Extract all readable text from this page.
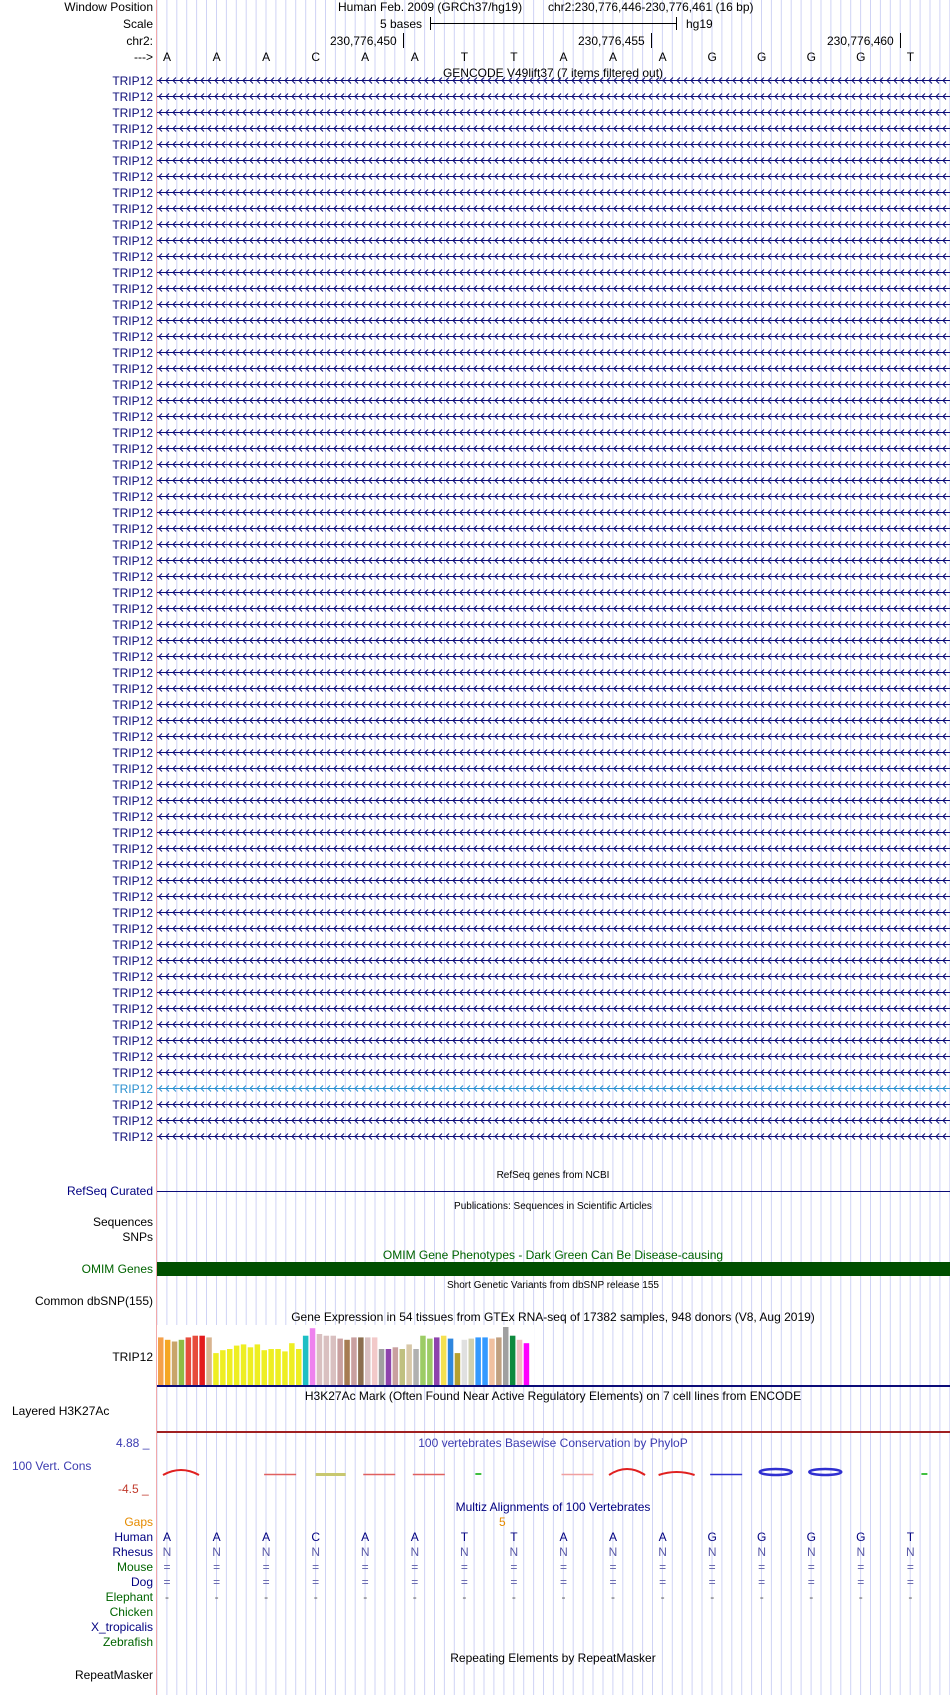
Window Position	Human Feb. 2009 (GRCh37/hg19) chr2:230,776,446-230,776,461 (16 bp)
Scale	5 bases	hg19
chr2:	230,776,450	230,776,455	230,776,460
---> A	A	A	C	A	A	T	T	A	A	A	G	G	G	G	T
GENCODE V49lift37 (7 items filtered out)
TRIP12
TRIP12
TRIP12
TRIP12
TRIP12
TRIP12
TRIP12
TRIP12
TRIP12
TRIP12
TRIP12
TRIP12
TRIP12
TRIP12
TRIP12
TRIP12
TRIP12
TRIP12
TRIP12
TRIP12
TRIP12
TRIP12
TRIP12
TRIP12
TRIP12
TRIP12
TRIP12
TRIP12
TRIP12
TRIP12
TRIP12
TRIP12
TRIP12
TRIP12
TRIP12
TRIP12
TRIP12
TRIP12
TRIP12
TRIP12
TRIP12
TRIP12
TRIP12
TRIP12
TRIP12
TRIP12
TRIP12
TRIP12
TRIP12
TRIP12
TRIP12
TRIP12
TRIP12
TRIP12
TRIP12
TRIP12
TRIP12
TRIP12
TRIP12
TRIP12
TRIP12
TRIP12
TRIP12
TRIP12
TRIP12
TRIP12
TRIP12
RefSeq genes from NCBI
RefSeq Curated
Publications: Sequences in Scientific Articles
Sequences
SNPs
OMIM Gene Phenotypes - Dark Green Can Be Disease-causing
OMIM Genes
Short Genetic Variants from dbSNP release 155
Common dbSNP(155)
Gene Expression in 54 tissues from GTEx RNA-seq of 17382 samples, 948 donors (V8, Aug 2019)
TRIP12
H3K27Ac Mark (Often Found Near Active Regulatory Elements) on 7 cell lines from ENCODE
Layered H3K27Ac
100 vertebrates Basewise Conservation by PhyloP
4.88 _
100 Vert. Cons
-4.5 _
Multiz Alignments of 100 Vertebrates
Gaps	5
Human A	A	A	C	A	A	T	T	A	A	A	G	G	G	G	T
Rhesus N	N	N	N	N	N	N	N	N	N	N	N	N	N	N	N
Mouse =	=	=	=	=	=	=	=	=	=	=	=	=	=	=	=
Dog =	=	=	=	=	=	=	=	=	=	=	=	=	=	=	=
Elephant	-	-	-	-	-	-	-	-	-	-	-	-	-	-	-	-
Chicken
X_tropicalis
Zebrafish
Repeating Elements by RepeatMasker
RepeatMasker
